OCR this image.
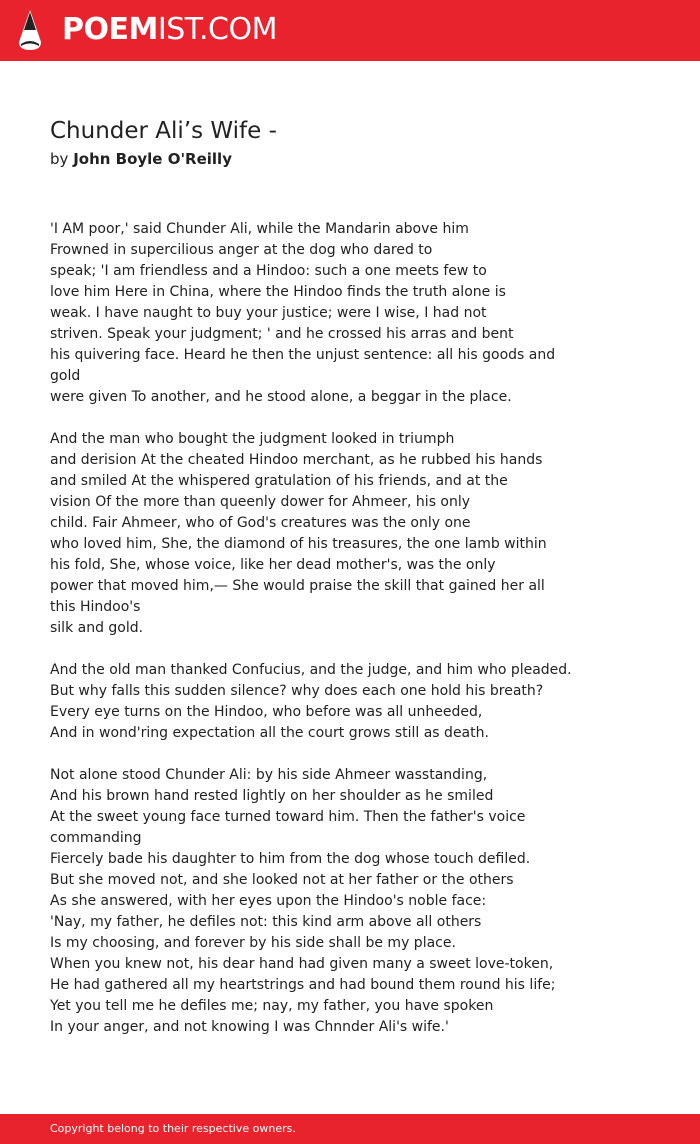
POEMIST.COM
Chunder Ali’s Wife -
by John Boyle O'Reilly
'I AM poor,' said Chunder Ali, while the Mandarin above him
Frowned in supercilious anger at the dog who dared to
speak; 'I am friendless and a Hindoo: such a one meets few to
love him Here in China, where the Hindoo finds the truth alone is
weak. I have naught to buy your justice; were I wise, I had not
striven. Speak your judgment; ' and he crossed his arras and bent
his quivering face. Heard he then the unjust sentence: all his goods and
gold
were given To another, and he stood alone, a beggar in the place.
And the man who bought the judgment looked in triumph
and derision At the cheated Hindoo merchant, as he rubbed his hands
and smiled At the whispered gratulation of his friends, and at the
vision Of the more than queenly dower for Ahmeer, his only
child. Fair Ahmeer, who of God's creatures was the only one
who loved him, She, the diamond of his treasures, the one lamb within
his fold, She, whose voice, like her dead mother's, was the only
power that moved him,— She would praise the skill that gained her all
this Hindoo's
silk and gold.
And the old man thanked Confucius, and the judge, and him who pleaded.
But why falls this sudden silence? why does each one hold his breath?
Every eye turns on the Hindoo, who before was all unheeded,
And in wond'ring expectation all the court grows still as death.
Not alone stood Chunder Ali: by his side Ahmeer wasstanding,
And his brown hand rested lightly on her shoulder as he smiled
At the sweet young face turned toward him. Then the father's voice
commanding
Fiercely bade his daughter to him from the dog whose touch defiled.
But she moved not, and she looked not at her father or the others
As she answered, with her eyes upon the Hindoo's noble face:
'Nay, my father, he defiles not: this kind arm above all others
Is my choosing, and forever by his side shall be my place.
When you knew not, his dear hand had given many a sweet love-token,
He had gathered all my heartstrings and had bound them round his life;
Yet you tell me he defiles me; nay, my father, you have spoken
In your anger, and not knowing I was Chnnder Ali's wife.'
Copyright belong to their respective owners.
